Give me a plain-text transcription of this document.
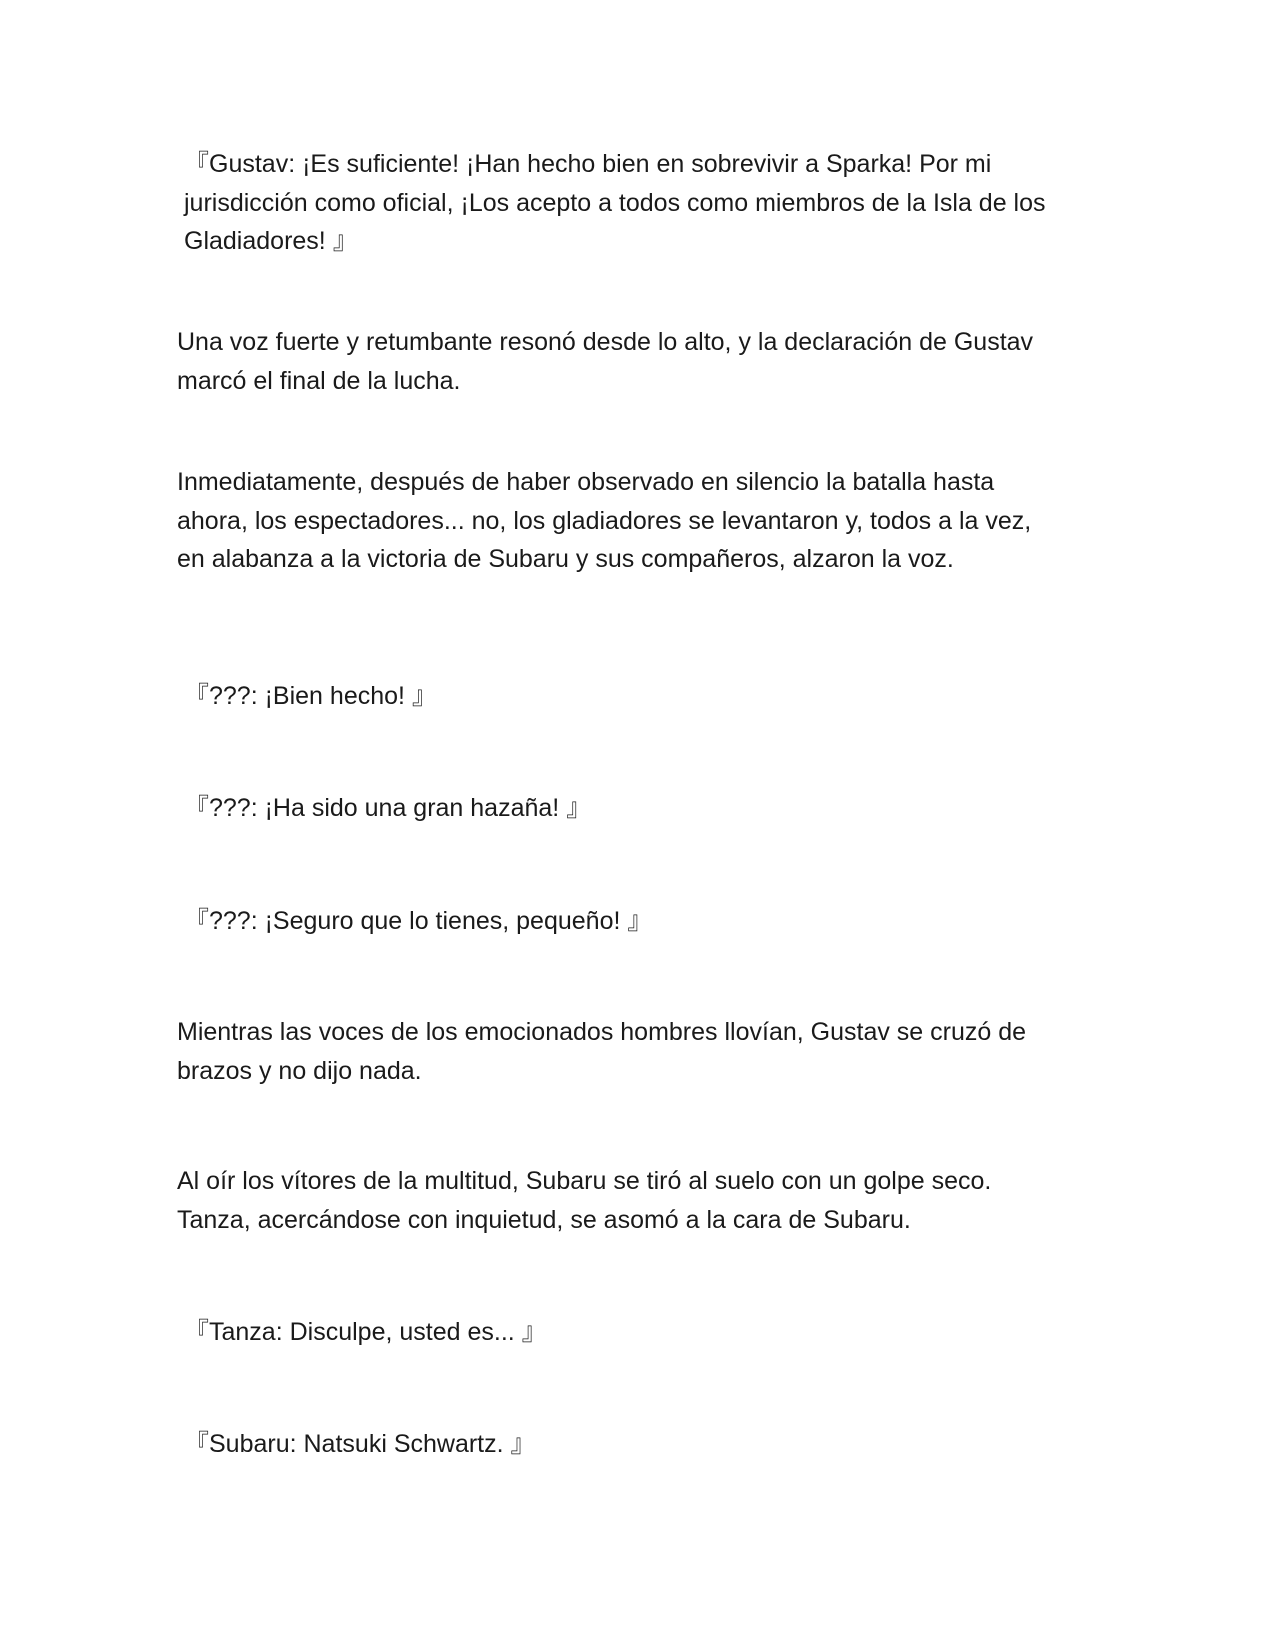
『Gustav: ¡Es suficiente! ¡Han hecho bien en sobrevivir a Sparka! Por mi
jurisdicción como oficial, ¡Los acepto a todos como miembros de la Isla de los
Gladiadores! 』

Una voz fuerte y retumbante resonó desde lo alto, y la declaración de Gustav
marcó el final de la lucha.

Inmediatamente, después de haber observado en silencio la batalla hasta
ahora, los espectadores... no, los gladiadores se levantaron y, todos a la vez,
en alabanza a la victoria de Subaru y sus compañeros, alzaron la voz.

『???: ¡Bien hecho! 』

『???: ¡Ha sido una gran hazaña! 』

『???: ¡Seguro que lo tienes, pequeño! 』

Mientras las voces de los emocionados hombres llovían, Gustav se cruzó de
brazos y no dijo nada.

Al oír los vítores de la multitud, Subaru se tiró al suelo con un golpe seco.
Tanza, acercándose con inquietud, se asomó a la cara de Subaru.

『Tanza: Disculpe, usted es... 』

『Subaru: Natsuki Schwartz. 』
